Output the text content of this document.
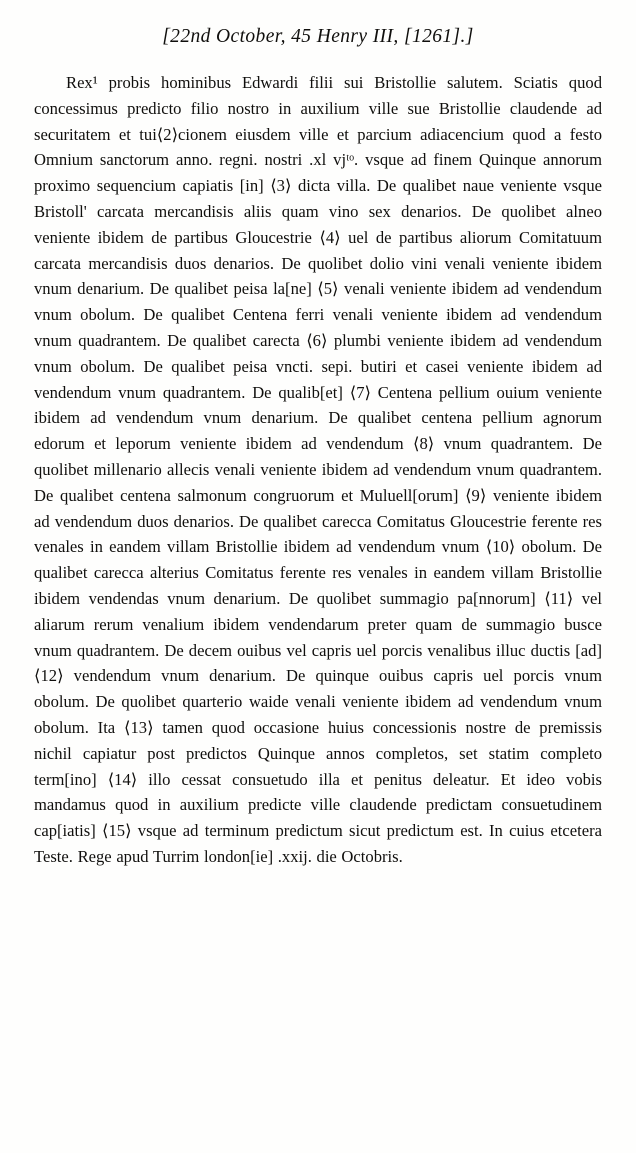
[22nd October, 45 Henry III, [1261].]

Rex¹ probis hominibus Edwardi filii sui Bristollie salutem. Sciatis quod concessimus predicto filio nostro in auxilium ville sue Bristollie claudende ad securitatem et tui⟨2⟩cionem eiusdem ville et parcium adiacencium quod a festo Omnium sanctorum anno. regni. nostri .xl vjᵗᵒ. vsque ad finem Quinque annorum proximo sequencium capiatis [in] ⟨3⟩ dicta villa. De qualibet naue veniente vsque Bristoll' carcata mercandisis aliis quam vino sex denarios. De quolibet alneo veniente ibidem de partibus Gloucestrie ⟨4⟩ uel de partibus aliorum Comitatuum carcata mercandisis duos denarios. De quolibet dolio vini venali veniente ibidem vnum denarium. De qualibet peisa la[ne] ⟨5⟩ venali veniente ibidem ad vendendum vnum obolum. De qualibet Centena ferri venali veniente ibidem ad vendendum vnum quadrantem. De qualibet carecta ⟨6⟩ plumbi veniente ibidem ad vendendum vnum obolum. De qualibet peisa vncti. sepi. butiri et casei veniente ibidem ad vendendum vnum quadrantem. De qualib[et] ⟨7⟩ Centena pellium ouium veniente ibidem ad vendendum vnum denarium. De qualibet centena pellium agnorum edorum et leporum veniente ibidem ad vendendum ⟨8⟩ vnum quadrantem. De quolibet millenario allecis venali veniente ibidem ad vendendum vnum quadrantem. De qualibet centena salmonum congruorum et Muluell[orum] ⟨9⟩ veniente ibidem ad vendendum duos denarios. De qualibet carecca Comitatus Gloucestrie ferente res venales in eandem villam Bristollie ibidem ad vendendum vnum ⟨10⟩ obolum. De qualibet carecca alterius Comitatus ferente res venales in eandem villam Bristollie ibidem vendendas vnum denarium. De quolibet summagio pa[nnorum] ⟨11⟩ vel aliarum rerum venalium ibidem vendendarum preter quam de summagio busce vnum quadrantem. De decem ouibus vel capris uel porcis venalibus illuc ductis [ad] ⟨12⟩ vendendum vnum denarium. De quinque ouibus capris uel porcis vnum obolum. De quolibet quarterio waide venali veniente ibidem ad vendendum vnum obolum. Ita ⟨13⟩ tamen quod occasione huius concessionis nostre de premissis nichil capiatur post predictos Quinque annos completos, set statim completo term[ino] ⟨14⟩ illo cessat consuetudo illa et penitus deleatur. Et ideo vobis mandamus quod in auxilium predicte ville claudende predictam consuetudinem cap[iatis] ⟨15⟩ vsque ad terminum predictum sicut predictum est. In cuius etcetera Teste. Rege apud Turrim london[ie] .xxij. die Octobris.
